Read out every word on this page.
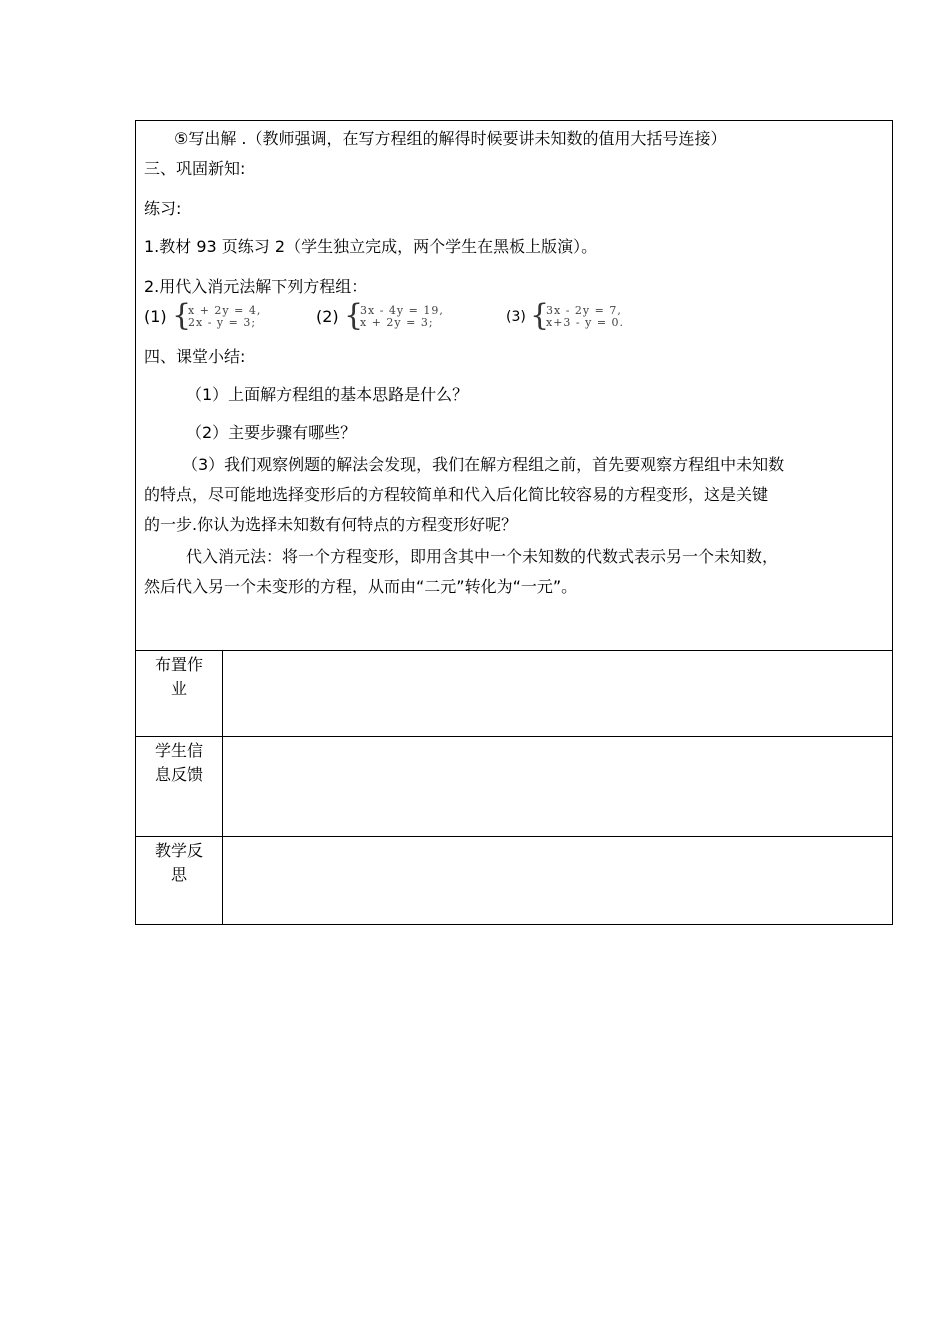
⑤写出解 .（教师强调，在写方程组的解得时候要讲未知数的值用大括号连接）
三、巩固新知:
练习:
1.教材 93 页练习 2（学生独立完成，两个学生在黑板上版演）。
2.用代入消元法解下列方程组：
(1) {
x + 2y = 4,
2x - y = 3;	(2) {
3x - 4y = 19,
x + 2y = 3;	(3) {
3x - 2y = 7,
x+3 - y = 0.
四、课堂小结:
（1）上面解方程组的基本思路是什么？
（2）主要步骤有哪些？
（3）我们观察例题的解法会发现，我们在解方程组之前，首先要观察方程组中未知数
的特点，尽可能地选择变形后的方程较简单和代入后化简比较容易的方程变形，这是关键
的一步.你认为选择未知数有何特点的方程变形好呢？
代入消元法：将一个方程变形，即用含其中一个未知数的代数式表示另一个未知数，
然后代入另一个未变形的方程，从而由“二元”转化为“一元”。
布置作
业
学生信
息反馈
教学反
思
